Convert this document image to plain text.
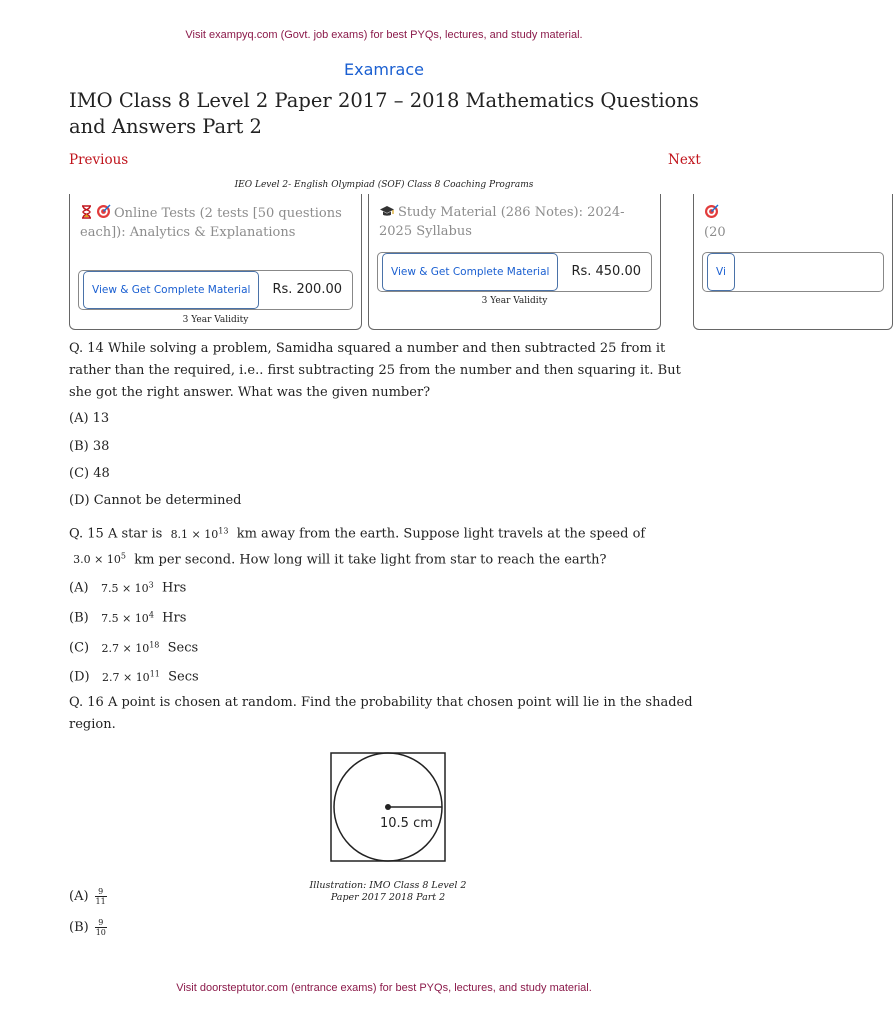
Visit exampyq.com (Govt. job exams) for best PYQs, lectures, and study material.
Examrace
IMO Class 8 Level 2 Paper 2017 – 2018 Mathematics Questions and Answers Part 2
Previous	Next
IEO Level 2- English Olympiad (SOF) Class 8 Coaching Programs
Online Tests (2 tests [50 questions each]): Analytics & Explanations
View & Get Complete Material	Rs. 200.00
3 Year Validity
Study Material (286 Notes): 2024-2025 Syllabus
View & Get Complete Material	Rs. 450.00
3 Year Validity

(20
Vi
Q. 14 While solving a problem, Samidha squared a number and then subtracted 25 from it rather than the required, i.e.. first subtracting 25 from the number and then squaring it. But she got the right answer. What was the given number?
(A) 13
(B) 38
(C) 48
(D) Cannot be determined
Q. 15 A star is $8.1 \times 10^{13}$ km away from the earth. Suppose light travels at the speed of
$3.0 \times 10^5$ km per second. How long will it take light from star to reach the earth?
(A) $7.5 \times 10^3$ Hrs
(B) $7.5 \times 10^4$ Hrs
(C) $2.7 \times 10^{18}$ Secs
(D) $2.7 \times 10^{11}$ Secs
Q. 16 A point is chosen at random. Find the probability that chosen point will lie in the shaded region.
10.5 cm
Illustration: IMO Class 8 Level 2 Paper 2017 2018 Part 2
$(A) \frac{9}{11}$
$(B) \frac{9}{10}$
Visit doorsteptutor.com (entrance exams) for best PYQs, lectures, and study material.
